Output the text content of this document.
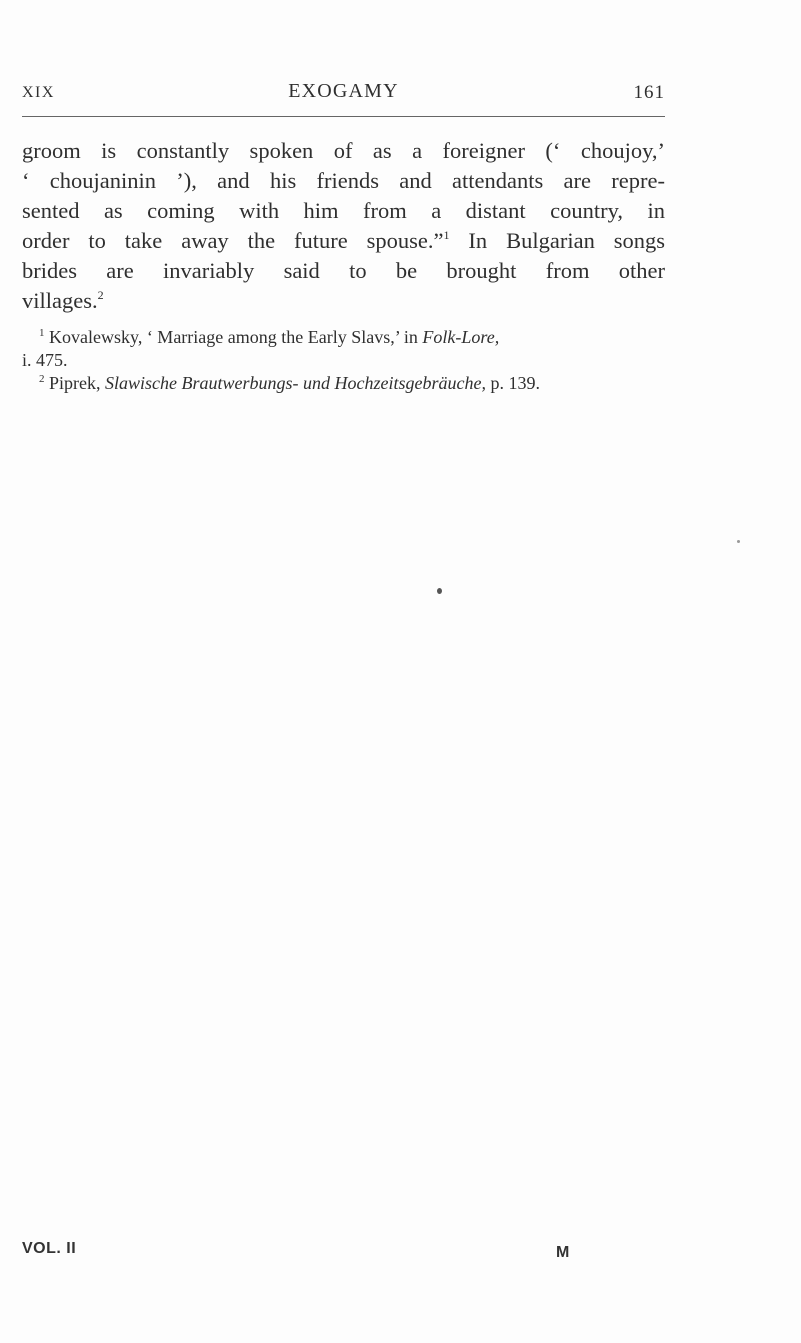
XIX	EXOGAMY	161
groom is constantly spoken of as a foreigner (‘ choujoy,’
‘ choujaninin ’), and his friends and attendants are repre-
sented as coming with him from a distant country, in
order to take away the future spouse.”$^1$ In Bulgarian songs
brides are invariably said to be brought from other
villages.$^2$

$^1$ Kovalewsky, ‘ Marriage among the Early Slavs,’ in Folk-Lore,
i. 475.

$^2$ Piprek, Slawische Brautwerbungs- und Hochzeitsgebräuche, p. 139.

VOL. II	M
